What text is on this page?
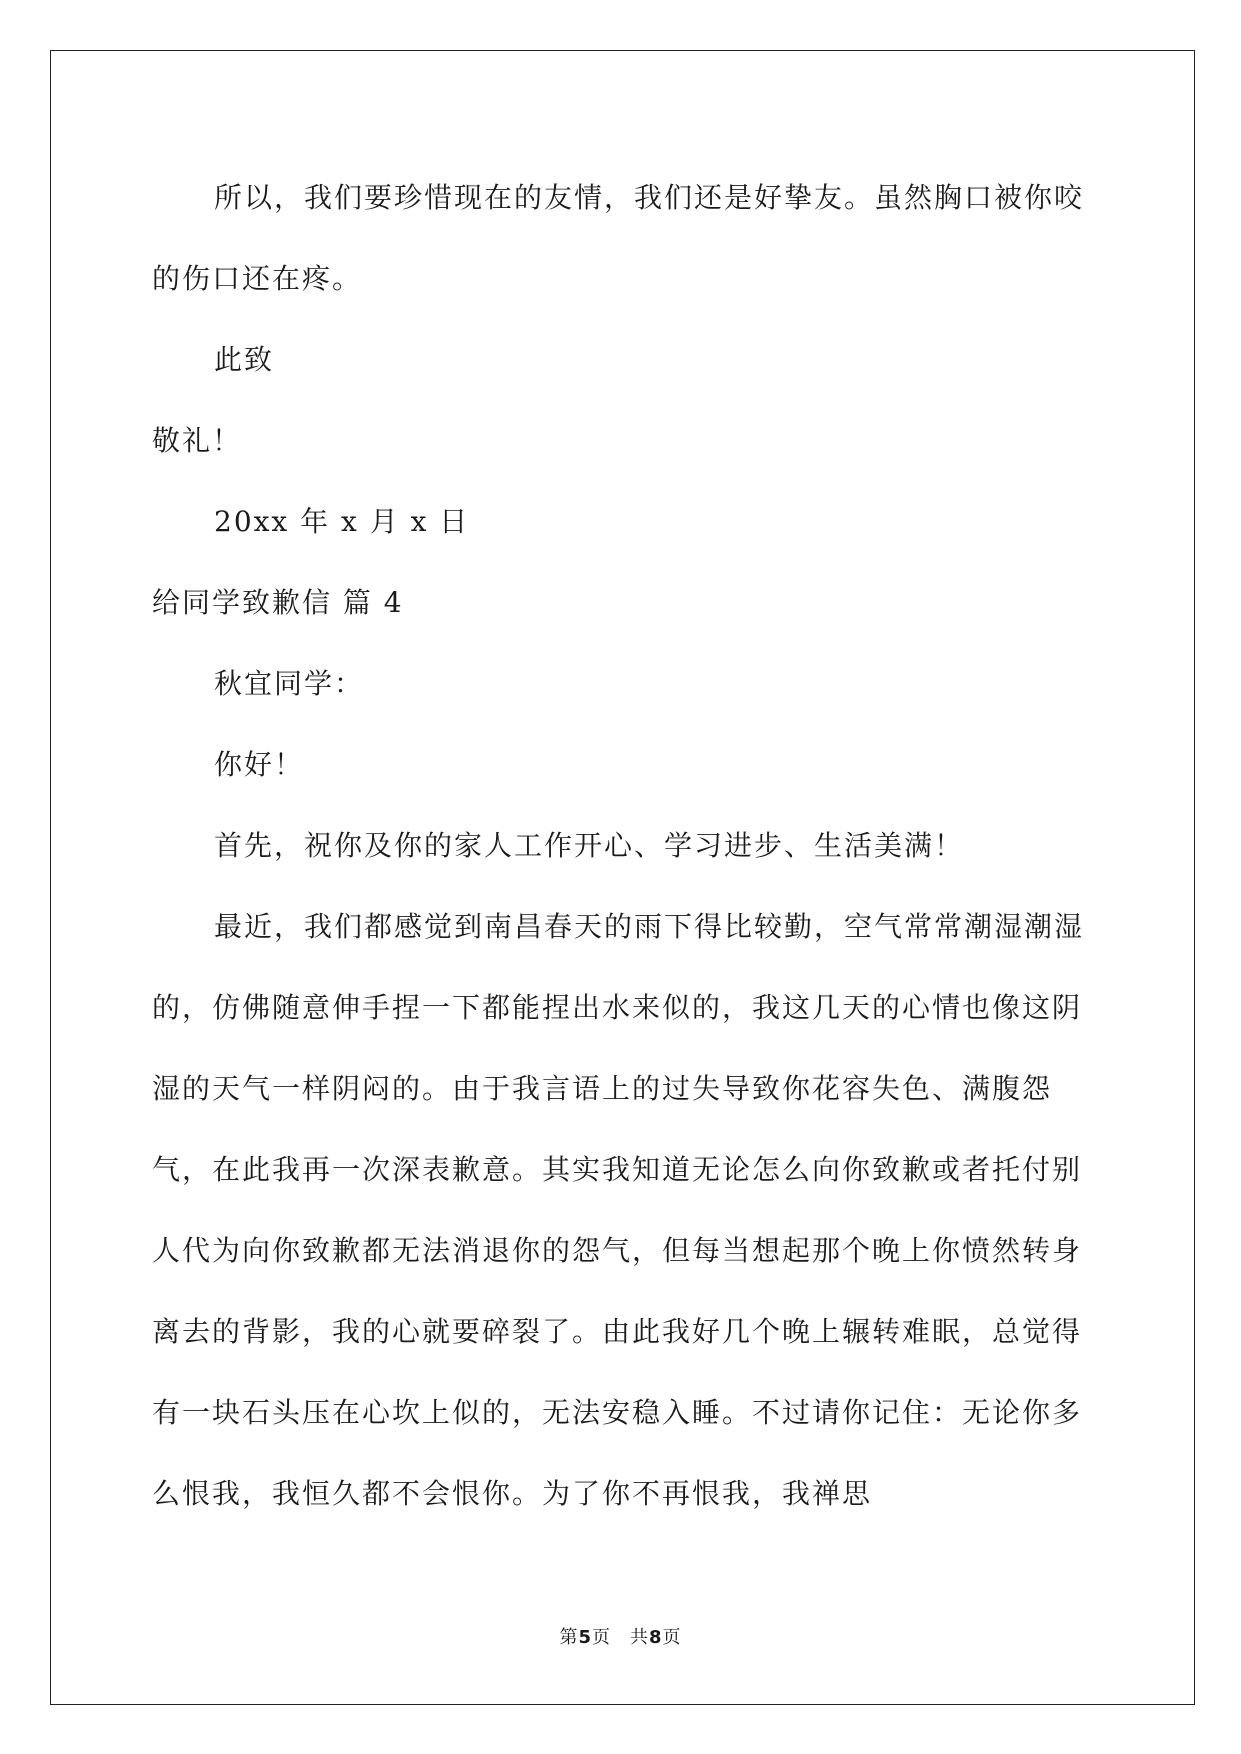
所以，我们要珍惜现在的友情，我们还是好挚友。虽然胸口被你咬的伤口还在疼。

此致

敬礼！

20xx 年 x 月 x 日

给同学致歉信 篇 4

秋宜同学：

你好！

首先，祝你及你的家人工作开心、学习进步、生活美满！

最近，我们都感觉到南昌春天的雨下得比较勤，空气常常潮湿潮湿的，仿佛随意伸手捏一下都能捏出水来似的，我这几天的心情也像这阴湿的天气一样阴闷的。由于我言语上的过失导致你花容失色、满腹怨气，在此我再一次深表歉意。其实我知道无论怎么向你致歉或者托付别人代为向你致歉都无法消退你的怨气，但每当想起那个晚上你愤然转身离去的背影，我的心就要碎裂了。由此我好几个晚上辗转难眠，总觉得有一块石头压在心坎上似的，无法安稳入睡。不过请你记住：无论你多么恨我，我恒久都不会恨你。为了你不再恨我，我禅思

第5页　共8页
